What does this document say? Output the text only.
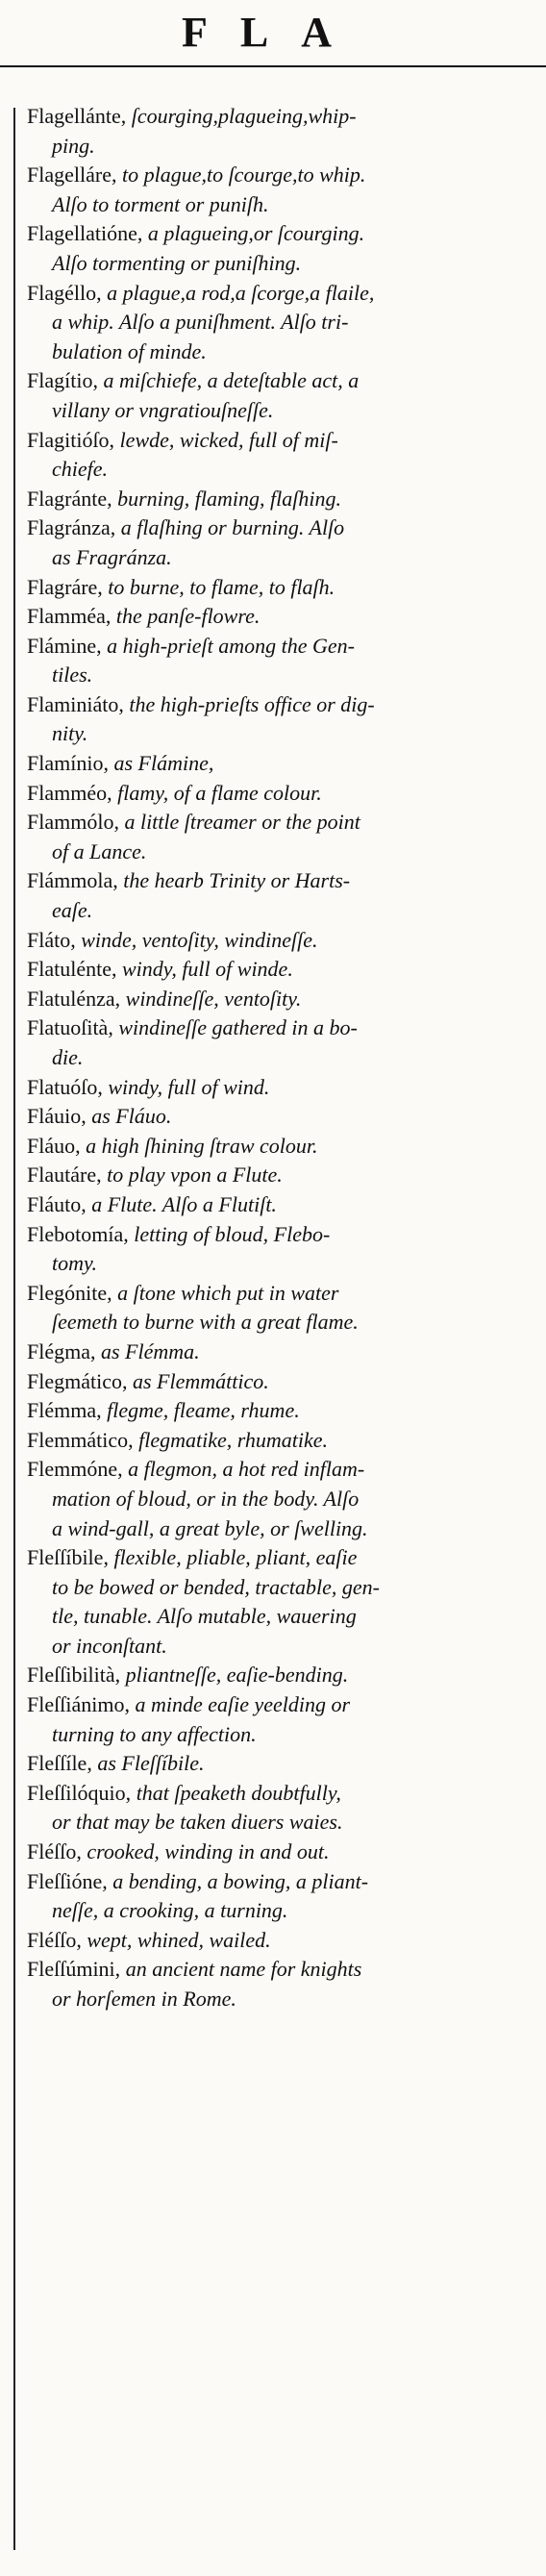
FLA
Flagellánte, ſcourging,plagueing,whip-
ping.
Flagelláre, to plague,to ſcourge,to whip.
Alſo to torment or puniſh.
Flagellatióne, a plagueing,or ſcourging.
Alſo tormenting or puniſhing.
Flagéllo, a plague,a rod,a ſcorge,a flaile,
a whip. Alſo a puniſhment. Alſo tri-
bulation of minde.
Flagítio, a miſchiefe, a deteſtable act, a
villany or vngratiouſneſſe.
Flagitióſo, lewde, wicked, full of miſ-
chiefe.
Flagránte, burning, flaming, flaſhing.
Flagránza, a flaſhing or burning. Alſo
as Fragránza.
Flagráre, to burne, to flame, to flaſh.
Flamméa, the panſe-flowre.
Flámine, a high-prieſt among the Gen-
tiles.
Flaminiáto, the high-prieſts office or dig-
nity.
Flamínio, as Flámine,
Flamméo, flamy, of a flame colour.
Flammólo, a little ſtreamer or the point
of a Lance.
Flámmola, the hearb Trinity or Harts-
eaſe.
Fláto, winde, ventoſity, windineſſe.
Flatulénte, windy, full of winde.
Flatulénza, windineſſe, ventoſity.
Flatuoſità, windineſſe gathered in a bo-
die.
Flatuóſo, windy, full of wind.
Fláuio, as Fláuo.
Fláuo, a high ſhining ſtraw colour.
Flautáre, to play vpon a Flute.
Fláuto, a Flute. Alſo a Flutiſt.
Flebotomía, letting of bloud, Flebo-
tomy.
Flegónite, a ſtone which put in water
ſeemeth to burne with a great flame.
Flégma, as Flémma.
Flegmático, as Flemmáttico.
Flémma, flegme, fleame, rhume.
Flemmático, flegmatike, rhumatike.
Flemmóne, a flegmon, a hot red inflam-
mation of bloud, or in the body. Alſo
a wind-gall, a great byle, or ſwelling.
Fleſſíbile, flexible, pliable, pliant, eaſie
to be bowed or bended, tractable, gen-
tle, tunable. Alſo mutable, wauering
or inconſtant.
Fleſſibilità, pliantneſſe, eaſie-bending.
Fleſſiánimo, a minde eaſie yeelding or
turning to any affection.
Fleſſíle, as Fleſſíbile.
Fleſſilóquio, that ſpeaketh doubtfully,
or that may be taken diuers waies.
Fléſſo, crooked, winding in and out.
Fleſſióne, a bending, a bowing, a pliant-
neſſe, a crooking, a turning.
Fléſſo, wept, whined, wailed.
Fleſſúmini, an ancient name for knights
or horſemen in Rome.
